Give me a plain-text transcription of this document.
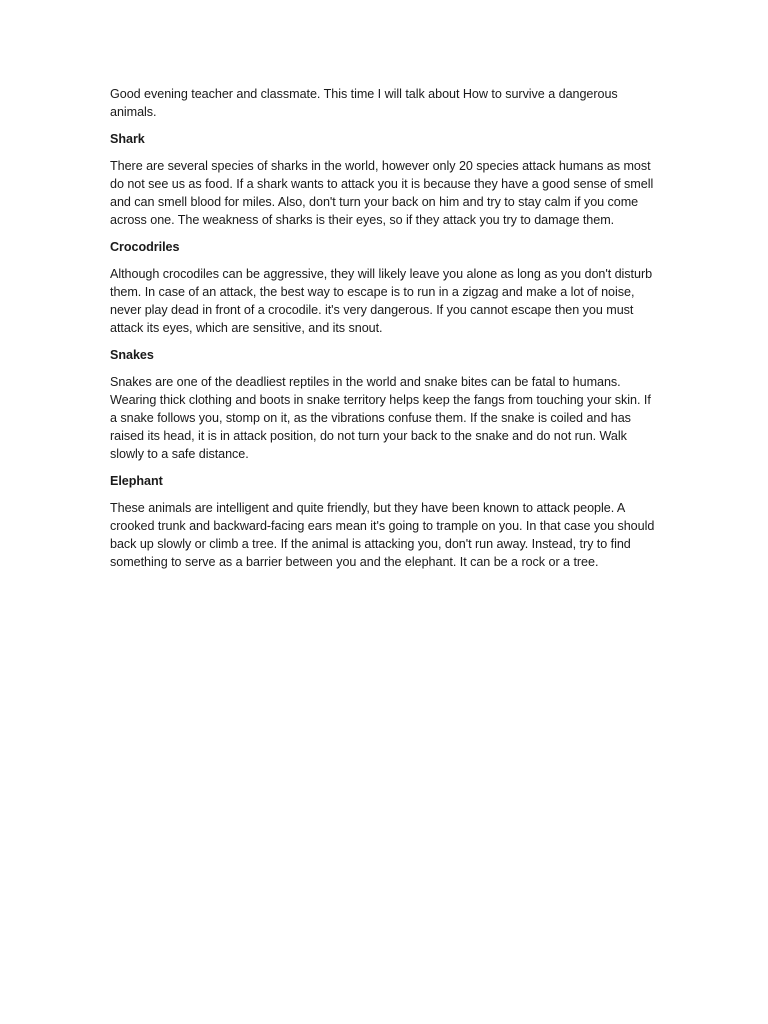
Good evening teacher and classmate. This time I will talk about How to survive a dangerous animals.

Shark

There are several species of sharks in the world, however only 20 species attack humans as most do not see us as food. If a shark wants to attack you it is because they have a good sense of smell and can smell blood for miles. Also, don't turn your back on him and try to stay calm if you come across one. The weakness of sharks is their eyes, so if they attack you try to damage them.

Crocodriles

Although crocodiles can be aggressive, they will likely leave you alone as long as you don't disturb them. In case of an attack, the best way to escape is to run in a zigzag and make a lot of noise, never play dead in front of a crocodile. it's very dangerous. If you cannot escape then you must attack its eyes, which are sensitive, and its snout.

Snakes

Snakes are one of the deadliest reptiles in the world and snake bites can be fatal to humans. Wearing thick clothing and boots in snake territory helps keep the fangs from touching your skin. If a snake follows you, stomp on it, as the vibrations confuse them. If the snake is coiled and has raised its head, it is in attack position, do not turn your back to the snake and do not run. Walk slowly to a safe distance.

Elephant

These animals are intelligent and quite friendly, but they have been known to attack people. A crooked trunk and backward-facing ears mean it's going to trample on you. In that case you should back up slowly or climb a tree. If the animal is attacking you, don't run away. Instead, try to find something to serve as a barrier between you and the elephant. It can be a rock or a tree.
